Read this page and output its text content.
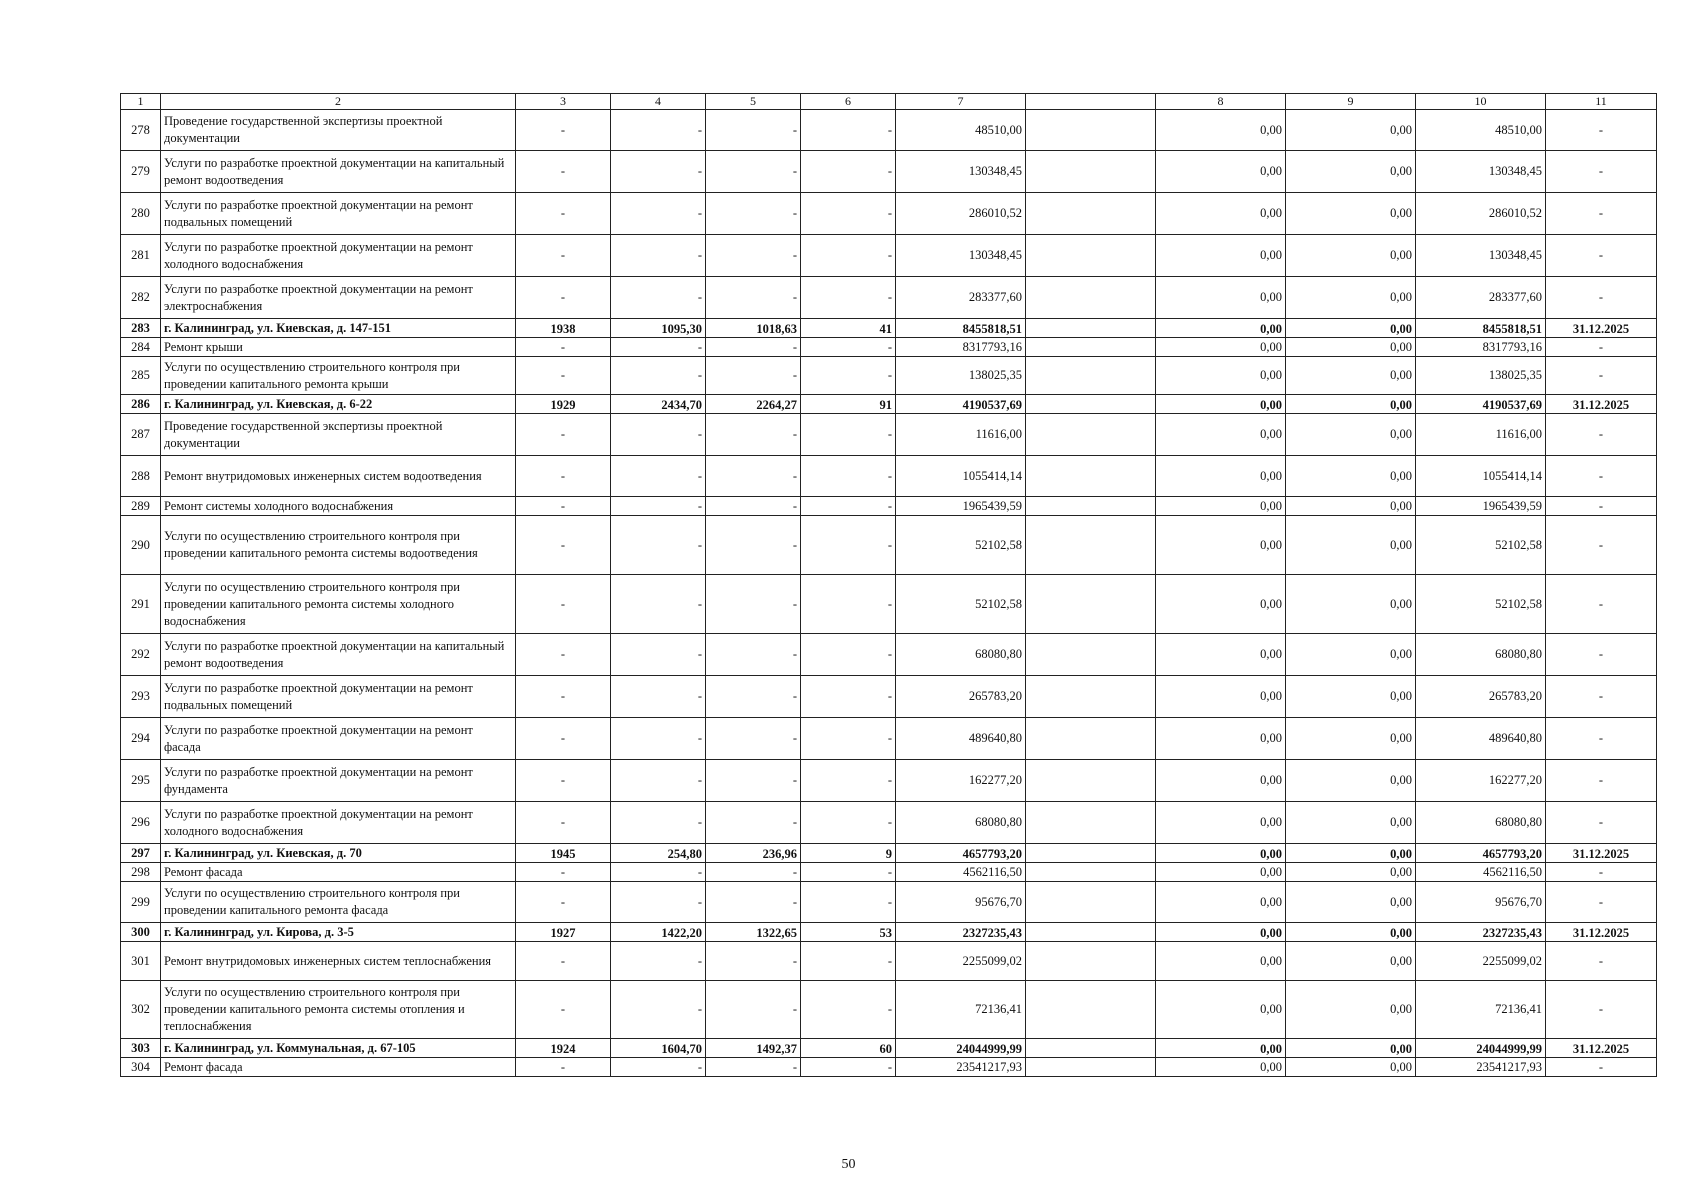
1	2	3	4	5	6	7		8	9	10	11
278	Проведение государственной экспертизы проектной документации	-	-	-	-	48510,00		0,00	0,00	48510,00	-
279	Услуги по разработке проектной документации на капитальный ремонт водоотведения	-	-	-	-	130348,45		0,00	0,00	130348,45	-
280	Услуги по разработке проектной документации на ремонт подвальных помещений	-	-	-	-	286010,52		0,00	0,00	286010,52	-
281	Услуги по разработке проектной документации на ремонт холодного водоснабжения	-	-	-	-	130348,45		0,00	0,00	130348,45	-
282	Услуги по разработке проектной документации на ремонт электроснабжения	-	-	-	-	283377,60		0,00	0,00	283377,60	-
283	г. Калининград, ул. Киевская, д. 147-151	1938	1095,30	1018,63	41	8455818,51		0,00	0,00	8455818,51	31.12.2025
284	Ремонт крыши	-	-	-	-	8317793,16		0,00	0,00	8317793,16	-
285	Услуги по осуществлению строительного контроля при проведении капитального ремонта крыши	-	-	-	-	138025,35		0,00	0,00	138025,35	-
286	г. Калининград, ул. Киевская, д. 6-22	1929	2434,70	2264,27	91	4190537,69		0,00	0,00	4190537,69	31.12.2025
287	Проведение государственной экспертизы проектной документации	-	-	-	-	11616,00		0,00	0,00	11616,00	-
288	Ремонт внутридомовых инженерных систем водоотведения	-	-	-	-	1055414,14		0,00	0,00	1055414,14	-
289	Ремонт системы холодного водоснабжения	-	-	-	-	1965439,59		0,00	0,00	1965439,59	-
290	Услуги по осуществлению строительного контроля при проведении капитального ремонта системы водоотведения	-	-	-	-	52102,58		0,00	0,00	52102,58	-
291	Услуги по осуществлению строительного контроля при проведении капитального ремонта системы холодного водоснабжения	-	-	-	-	52102,58		0,00	0,00	52102,58	-
292	Услуги по разработке проектной документации на капитальный ремонт водоотведения	-	-	-	-	68080,80		0,00	0,00	68080,80	-
293	Услуги по разработке проектной документации на ремонт подвальных помещений	-	-	-	-	265783,20		0,00	0,00	265783,20	-
294	Услуги по разработке проектной документации на ремонт фасада	-	-	-	-	489640,80		0,00	0,00	489640,80	-
295	Услуги по разработке проектной документации на ремонт фундамента	-	-	-	-	162277,20		0,00	0,00	162277,20	-
296	Услуги по разработке проектной документации на ремонт холодного водоснабжения	-	-	-	-	68080,80		0,00	0,00	68080,80	-
297	г. Калининград, ул. Киевская, д. 70	1945	254,80	236,96	9	4657793,20		0,00	0,00	4657793,20	31.12.2025
298	Ремонт фасада	-	-	-	-	4562116,50		0,00	0,00	4562116,50	-
299	Услуги по осуществлению строительного контроля при проведении капитального ремонта фасада	-	-	-	-	95676,70		0,00	0,00	95676,70	-
300	г. Калининград, ул. Кирова, д. 3-5	1927	1422,20	1322,65	53	2327235,43		0,00	0,00	2327235,43	31.12.2025
301	Ремонт внутридомовых инженерных систем теплоснабжения	-	-	-	-	2255099,02		0,00	0,00	2255099,02	-
302	Услуги по осуществлению строительного контроля при проведении капитального ремонта системы отопления и теплоснабжения	-	-	-	-	72136,41		0,00	0,00	72136,41	-
303	г. Калининград, ул. Коммунальная, д. 67-105	1924	1604,70	1492,37	60	24044999,99		0,00	0,00	24044999,99	31.12.2025
304	Ремонт фасада	-	-	-	-	23541217,93		0,00	0,00	23541217,93	-
50
